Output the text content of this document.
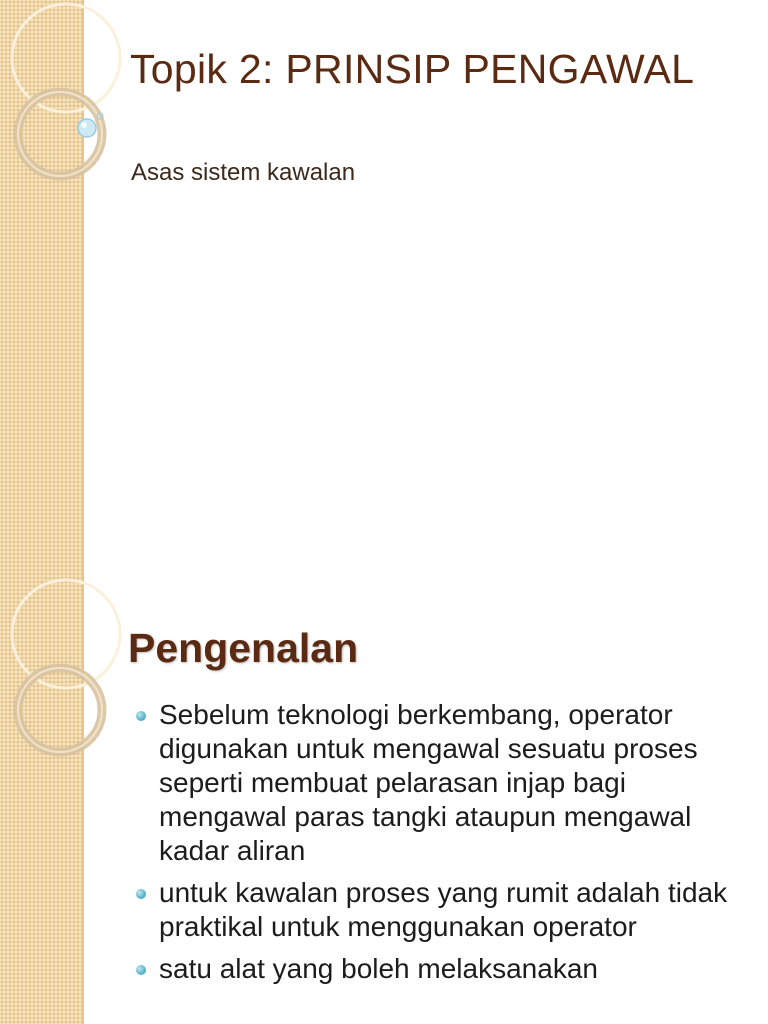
Topik 2: PRINSIP PENGAWAL

Asas sistem kawalan

Pengenalan
Sebelum teknologi berkembang, operator digunakan untuk mengawal sesuatu proses seperti membuat pelarasan injap bagi mengawal paras tangki ataupun mengawal kadar aliran
untuk kawalan proses yang rumit adalah tidak praktikal untuk menggunakan operator
satu alat yang boleh melaksanakan
